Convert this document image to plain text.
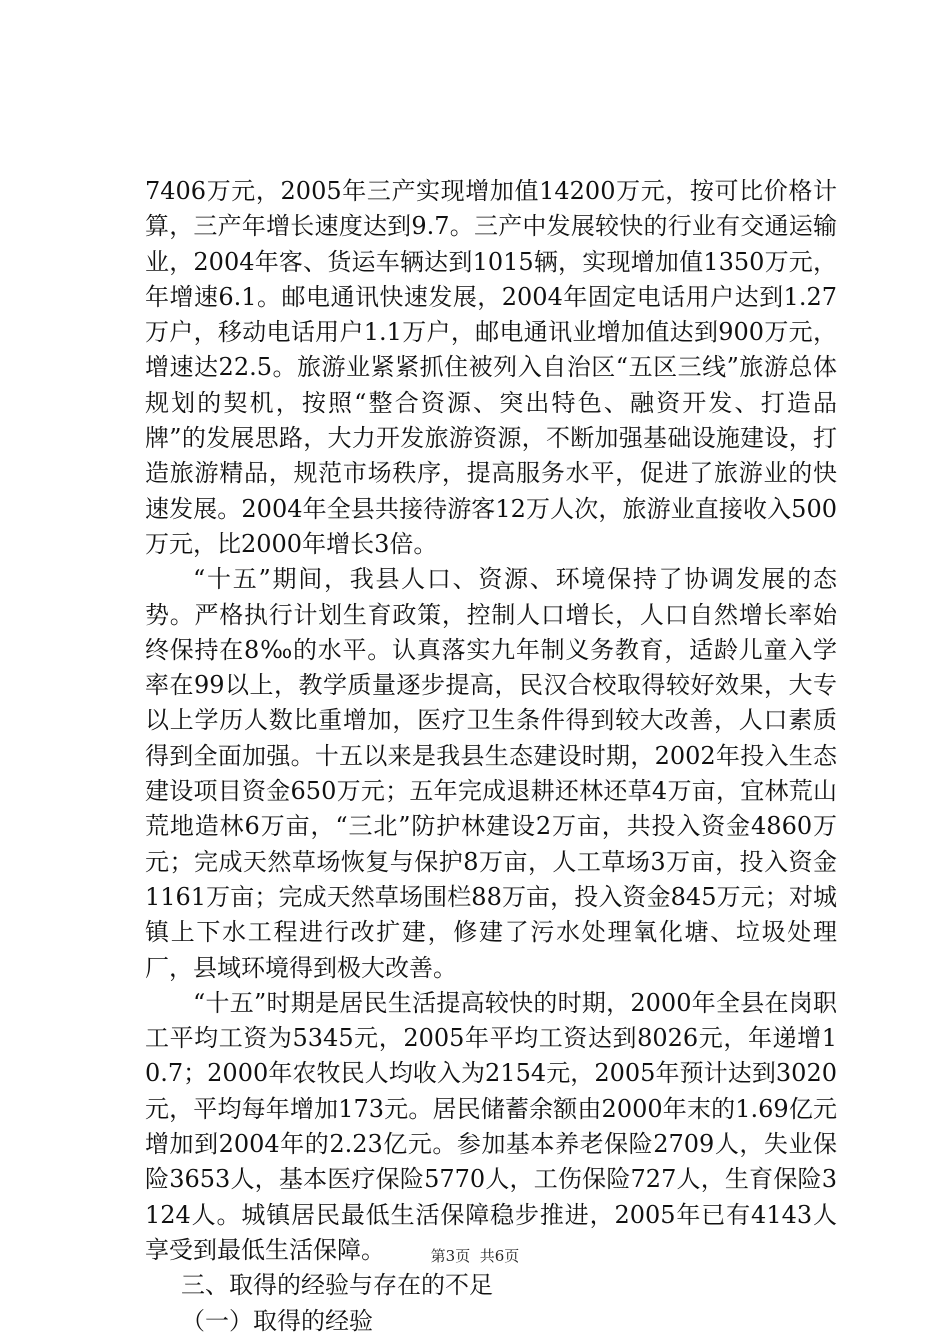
7406万元，2005年三产实现增加值14200万元，按可比价格计算，三产年增长速度达到9.7。三产中发展较快的行业有交通运输业，2004年客、货运车辆达到1015辆，实现增加值1350万元，年增速6.1。邮电通讯快速发展，2004年固定电话用户达到1.27万户，移动电话用户1.1万户，邮电通讯业增加值达到900万元，增速达22.5。旅游业紧紧抓住被列入自治区“五区三线”旅游总体规划的契机，按照“整合资源、突出特色、融资开发、打造品牌”的发展思路，大力开发旅游资源，不断加强基础设施建设，打造旅游精品，规范市场秩序，提高服务水平，促进了旅游业的快速发展。2004年全县共接待游客12万人次，旅游业直接收入500万元，比2000年增长3倍。

“十五”期间，我县人口、资源、环境保持了协调发展的态势。严格执行计划生育政策，控制人口增长，人口自然增长率始终保持在8‰的水平。认真落实九年制义务教育，适龄儿童入学率在99以上，教学质量逐步提高，民汉合校取得较好效果，大专以上学历人数比重增加，医疗卫生条件得到较大改善，人口素质得到全面加强。十五以来是我县生态建设时期，2002年投入生态建设项目资金650万元；五年完成退耕还林还草4万亩，宜林荒山荒地造林6万亩，“三北”防护林建设2万亩，共投入资金4860万元；完成天然草场恢复与保护8万亩，人工草场3万亩，投入资金1161万亩；完成天然草场围栏88万亩，投入资金845万元；对城镇上下水工程进行改扩建，修建了污水处理氧化塘、垃圾处理厂，县域环境得到极大改善。

“十五”时期是居民生活提高较快的时期，2000年全县在岗职工平均工资为5345元，2005年平均工资达到8026元，年递增10.7；2000年农牧民人均收入为2154元，2005年预计达到3020元，平均每年增加173元。居民储蓄余额由2000年末的1.69亿元增加到2004年的2.23亿元。参加基本养老保险2709人，失业保险3653人，基本医疗保险5770人，工伤保险727人，生育保险3124人。城镇居民最低生活保障稳步推进，2005年已有4143人享受到最低生活保障。

三、取得的经验与存在的不足

（一）取得的经验

第3页 共6页
